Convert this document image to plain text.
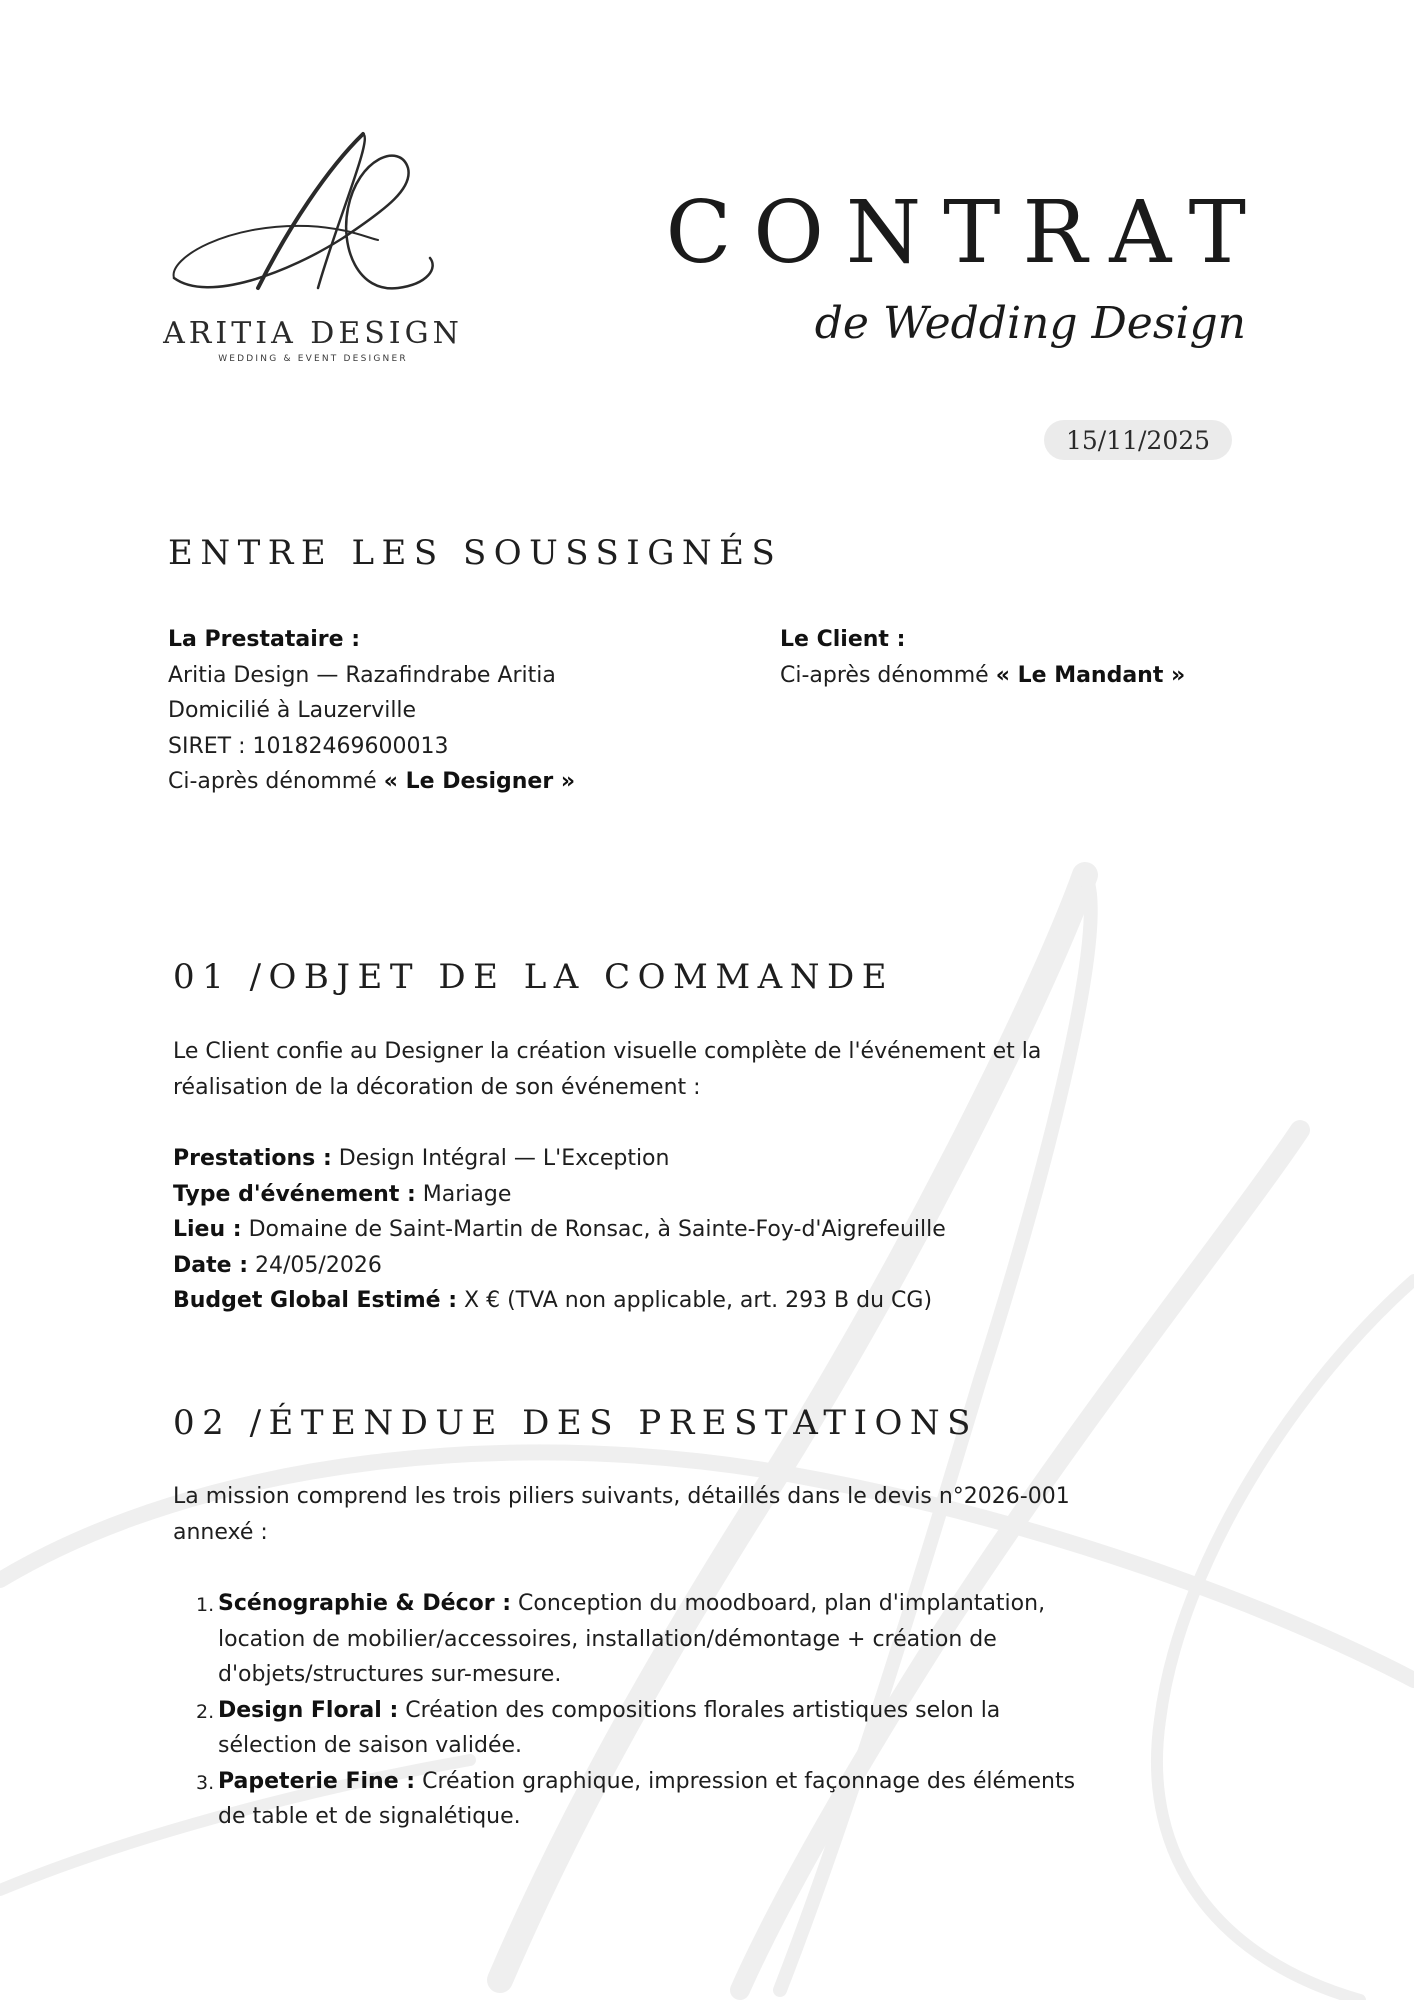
ARITIA DESIGN
WEDDING & EVENT DESIGNER
CONTRAT
de Wedding Design
15/11/2025
ENTRE LES SOUSSIGNÉS
La Prestataire :
Aritia Design — Razafindrabe Aritia
Domicilié à Lauzerville
SIRET : 10182469600013
Ci-après dénommé « Le Designer »
Le Client :
Ci-après dénommé « Le Mandant »
01 /OBJET DE LA COMMANDE
Le Client confie au Designer la création visuelle complète de l'événement et la
réalisation de la décoration de son événement :
Prestations : Design Intégral — L'Exception
Type d'événement : Mariage
Lieu : Domaine de Saint-Martin de Ronsac, à Sainte-Foy-d'Aigrefeuille
Date : 24/05/2026
Budget Global Estimé : X € (TVA non applicable, art. 293 B du CG)
02 /ÉTENDUE DES PRESTATIONS
La mission comprend les trois piliers suivants, détaillés dans le devis n°2026-001
annexé :
1. Scénographie & Décor : Conception du moodboard, plan d'implantation,
location de mobilier/accessoires, installation/démontage + création de
d'objets/structures sur-mesure.
2. Design Floral : Création des compositions florales artistiques selon la
sélection de saison validée.
3. Papeterie Fine : Création graphique, impression et façonnage des éléments
de table et de signalétique.
